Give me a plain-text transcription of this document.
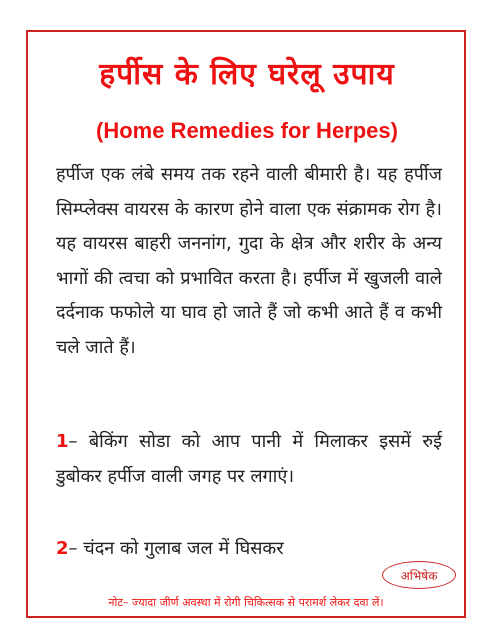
हर्पीस के लिए घरेलू उपाय
(Home Remedies for Herpes)

हर्पीज एक लंबे समय तक रहने वाली बीमारी है। यह हर्पीज सिम्प्लेक्स वायरस के कारण होने वाला एक संक्रामक रोग है। यह वायरस बाहरी जननांग, गुदा के क्षेत्र और शरीर के अन्य भागों की त्वचा को प्रभावित करता है। हर्पीज में खुजली वाले दर्दनाक फफोले या घाव हो जाते हैं जो कभी आते हैं व कभी चले जाते हैं।

1– बेकिंग सोडा को आप पानी में मिलाकर इसमें रुई डुबोकर हर्पीज वाली जगह पर लगाएं।

2– चंदन को गुलाब जल में घिसकर

अभिषेक
नोट– ज्यादा जीर्ण अवस्था में रोगी चिकित्सक से परामर्श लेकर दवा लें।
